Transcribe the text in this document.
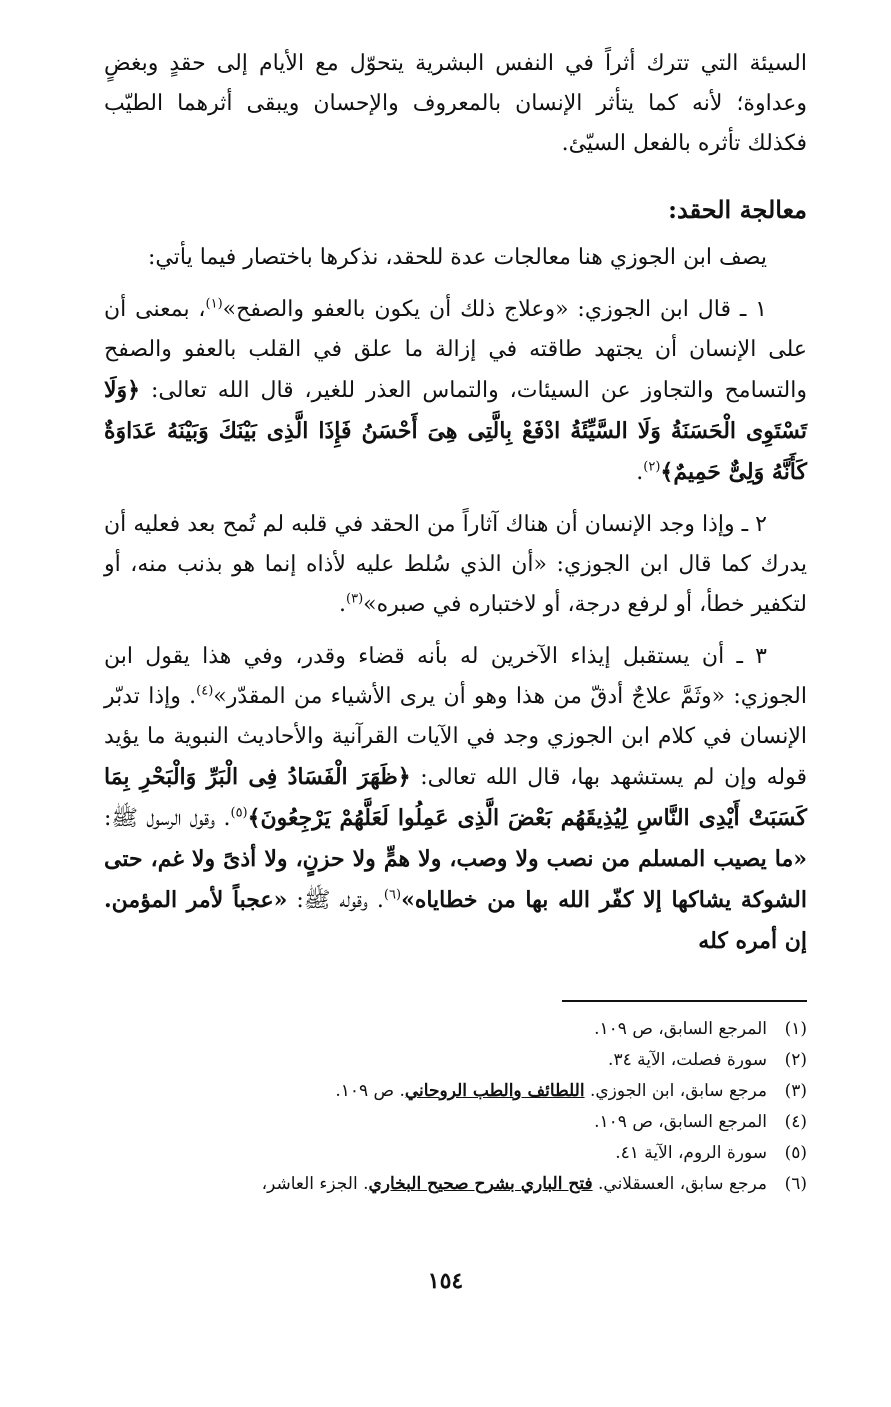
السيئة التي تترك أثراً في النفس البشرية يتحوّل مع الأيام إلى حقدٍ وبغضٍ وعداوة؛ لأنه كما يتأثر الإنسان بالمعروف والإحسان ويبقى أثرهما الطيّب فكذلك تأثره بالفعل السيّئ.

معالجة الحقد:

يصف ابن الجوزي هنا معالجات عدة للحقد، نذكرها باختصار فيما يأتي:

١ ـ قال ابن الجوزي: «وعلاج ذلك أن يكون بالعفو والصفح»$^{(١)}$، بمعنى أن على الإنسان أن يجتهد طاقته في إزالة ما علق في القلب بالعفو والصفح والتسامح والتجاوز عن السيئات، والتماس العذر للغير، قال الله تعالى: ﴿وَلَا تَسْتَوِى الْحَسَنَةُ وَلَا السَّيِّئَةُ ادْفَعْ بِالَّتِى هِىَ أَحْسَنُ فَإِذَا الَّذِى بَيْنَكَ وَبَيْنَهُ عَدَاوَةٌ كَأَنَّهُ وَلِىٌّ حَمِيمٌ﴾$^{(٢)}$.

٢ ـ وإذا وجد الإنسان أن هناك آثاراً من الحقد في قلبه لم تُمح بعد فعليه أن يدرك كما قال ابن الجوزي: «أن الذي سُلط عليه لأذاه إنما هو بذنب منه، أو لتكفير خطأ، أو لرفع درجة، أو لاختباره في صبره»$^{(٣)}$.

٣ ـ أن يستقبل إيذاء الآخرين له بأنه قضاء وقدر، وفي هذا يقول ابن الجوزي: «وثَمَّ علاجٌ أدقّ من هذا وهو أن يرى الأشياء من المقدّر»$^{(٤)}$. وإذا تدبّر الإنسان في كلام ابن الجوزي وجد في الآيات القرآنية والأحاديث النبوية ما يؤيد قوله وإن لم يستشهد بها، قال الله تعالى: ﴿ظَهَرَ الْفَسَادُ فِى الْبَرِّ وَالْبَحْرِ بِمَا كَسَبَتْ أَيْدِى النَّاسِ لِيُذِيقَهُم بَعْضَ الَّذِى عَمِلُوا لَعَلَّهُمْ يَرْجِعُونَ﴾$^{(٥)}$. وقول الرسول ﷺ: «ما يصيب المسلم من نصب ولا وصب، ولا همٍّ ولا حزنٍ، ولا أذىً ولا غم، حتى الشوكة يشاكها إلا كفّر الله بها من خطاياه»$^{(٦)}$. وقوله ﷺ: «عجباً لأمر المؤمن. إن أمره كله

(١)المرجع السابق، ص ١٠٩.
(٢)سورة فصلت، الآية ٣٤.
(٣)مرجع سابق، ابن الجوزي. اللطائف والطب الروحاني. ص ١٠٩.
(٤)المرجع السابق، ص ١٠٩.
(٥)سورة الروم، الآية ٤١.
(٦)مرجع سابق، العسقلاني. فتح الباري بشرح صحيح البخاري. الجزء العاشر،
١٥٤
